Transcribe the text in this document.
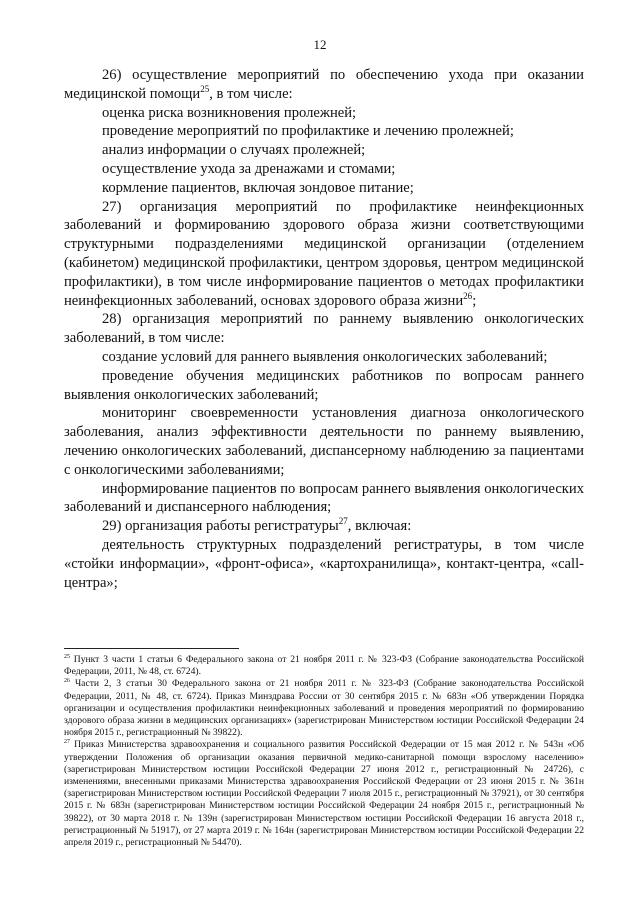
12

26) осуществление мероприятий по обеспечению ухода при оказании медицинской помощи$^{25}$, в том числе:

оценка риска возникновения пролежней;

проведение мероприятий по профилактике и лечению пролежней;

анализ информации о случаях пролежней;

осуществление ухода за дренажами и стомами;

кормление пациентов, включая зондовое питание;

27) организация мероприятий по профилактике неинфекционных заболеваний и формированию здорового образа жизни соответствующими структурными подразделениями медицинской организации (отделением (кабинетом) медицинской профилактики, центром здоровья, центром медицинской профилактики), в том числе информирование пациентов о методах профилактики неинфекционных заболеваний, основах здорового образа жизни$^{26}$;

28) организация мероприятий по раннему выявлению онкологических заболеваний, в том числе:

создание условий для раннего выявления онкологических заболеваний;

проведение обучения медицинских работников по вопросам раннего выявления онкологических заболеваний;

мониторинг своевременности установления диагноза онкологического заболевания, анализ эффективности деятельности по раннему выявлению, лечению онкологических заболеваний, диспансерному наблюдению за пациентами с онкологическими заболеваниями;

информирование пациентов по вопросам раннего выявления онкологических заболеваний и диспансерного наблюдения;

29) организация работы регистратуры$^{27}$, включая:

деятельность структурных подразделений регистратуры, в том числе «стойки информации», «фронт-офиса», «картохранилища», контакт-центра, «call-центра»;

$^{25}$ Пункт 3 части 1 статьи 6 Федерального закона от 21 ноября 2011 г. № 323-ФЗ (Собрание законодательства Российской Федерации, 2011, № 48, ст. 6724).

$^{26}$ Части 2, 3 статьи 30 Федерального закона от 21 ноября 2011 г. № 323-ФЗ (Собрание законодательства Российской Федерации, 2011, № 48, ст. 6724). Приказ Минздрава России от 30 сентября 2015 г. № 683н «Об утверждении Порядка организации и осуществления профилактики неинфекционных заболеваний и проведения мероприятий по формированию здорового образа жизни в медицинских организациях» (зарегистрирован Министерством юстиции Российской Федерации 24 ноября 2015 г., регистрационный № 39822).

$^{27}$ Приказ Министерства здравоохранения и социального развития Российской Федерации от 15 мая 2012 г. № 543н «Об утверждении Положения об организации оказания первичной медико-санитарной помощи взрослому населению» (зарегистрирован Министерством юстиции Российской Федерации 27 июня 2012 г., регистрационный № 24726), с изменениями, внесенными приказами Министерства здравоохранения Российской Федерации от 23 июня 2015 г. № 361н (зарегистрирован Министерством юстиции Российской Федерации 7 июля 2015 г., регистрационный № 37921), от 30 сентября 2015 г. № 683н (зарегистрирован Министерством юстиции Российской Федерации 24 ноября 2015 г., регистрационный № 39822), от 30 марта 2018 г. № 139н (зарегистрирован Министерством юстиции Российской Федерации 16 августа 2018 г., регистрационный № 51917), от 27 марта 2019 г. № 164н (зарегистрирован Министерством юстиции Российской Федерации 22 апреля 2019 г., регистрационный № 54470).
